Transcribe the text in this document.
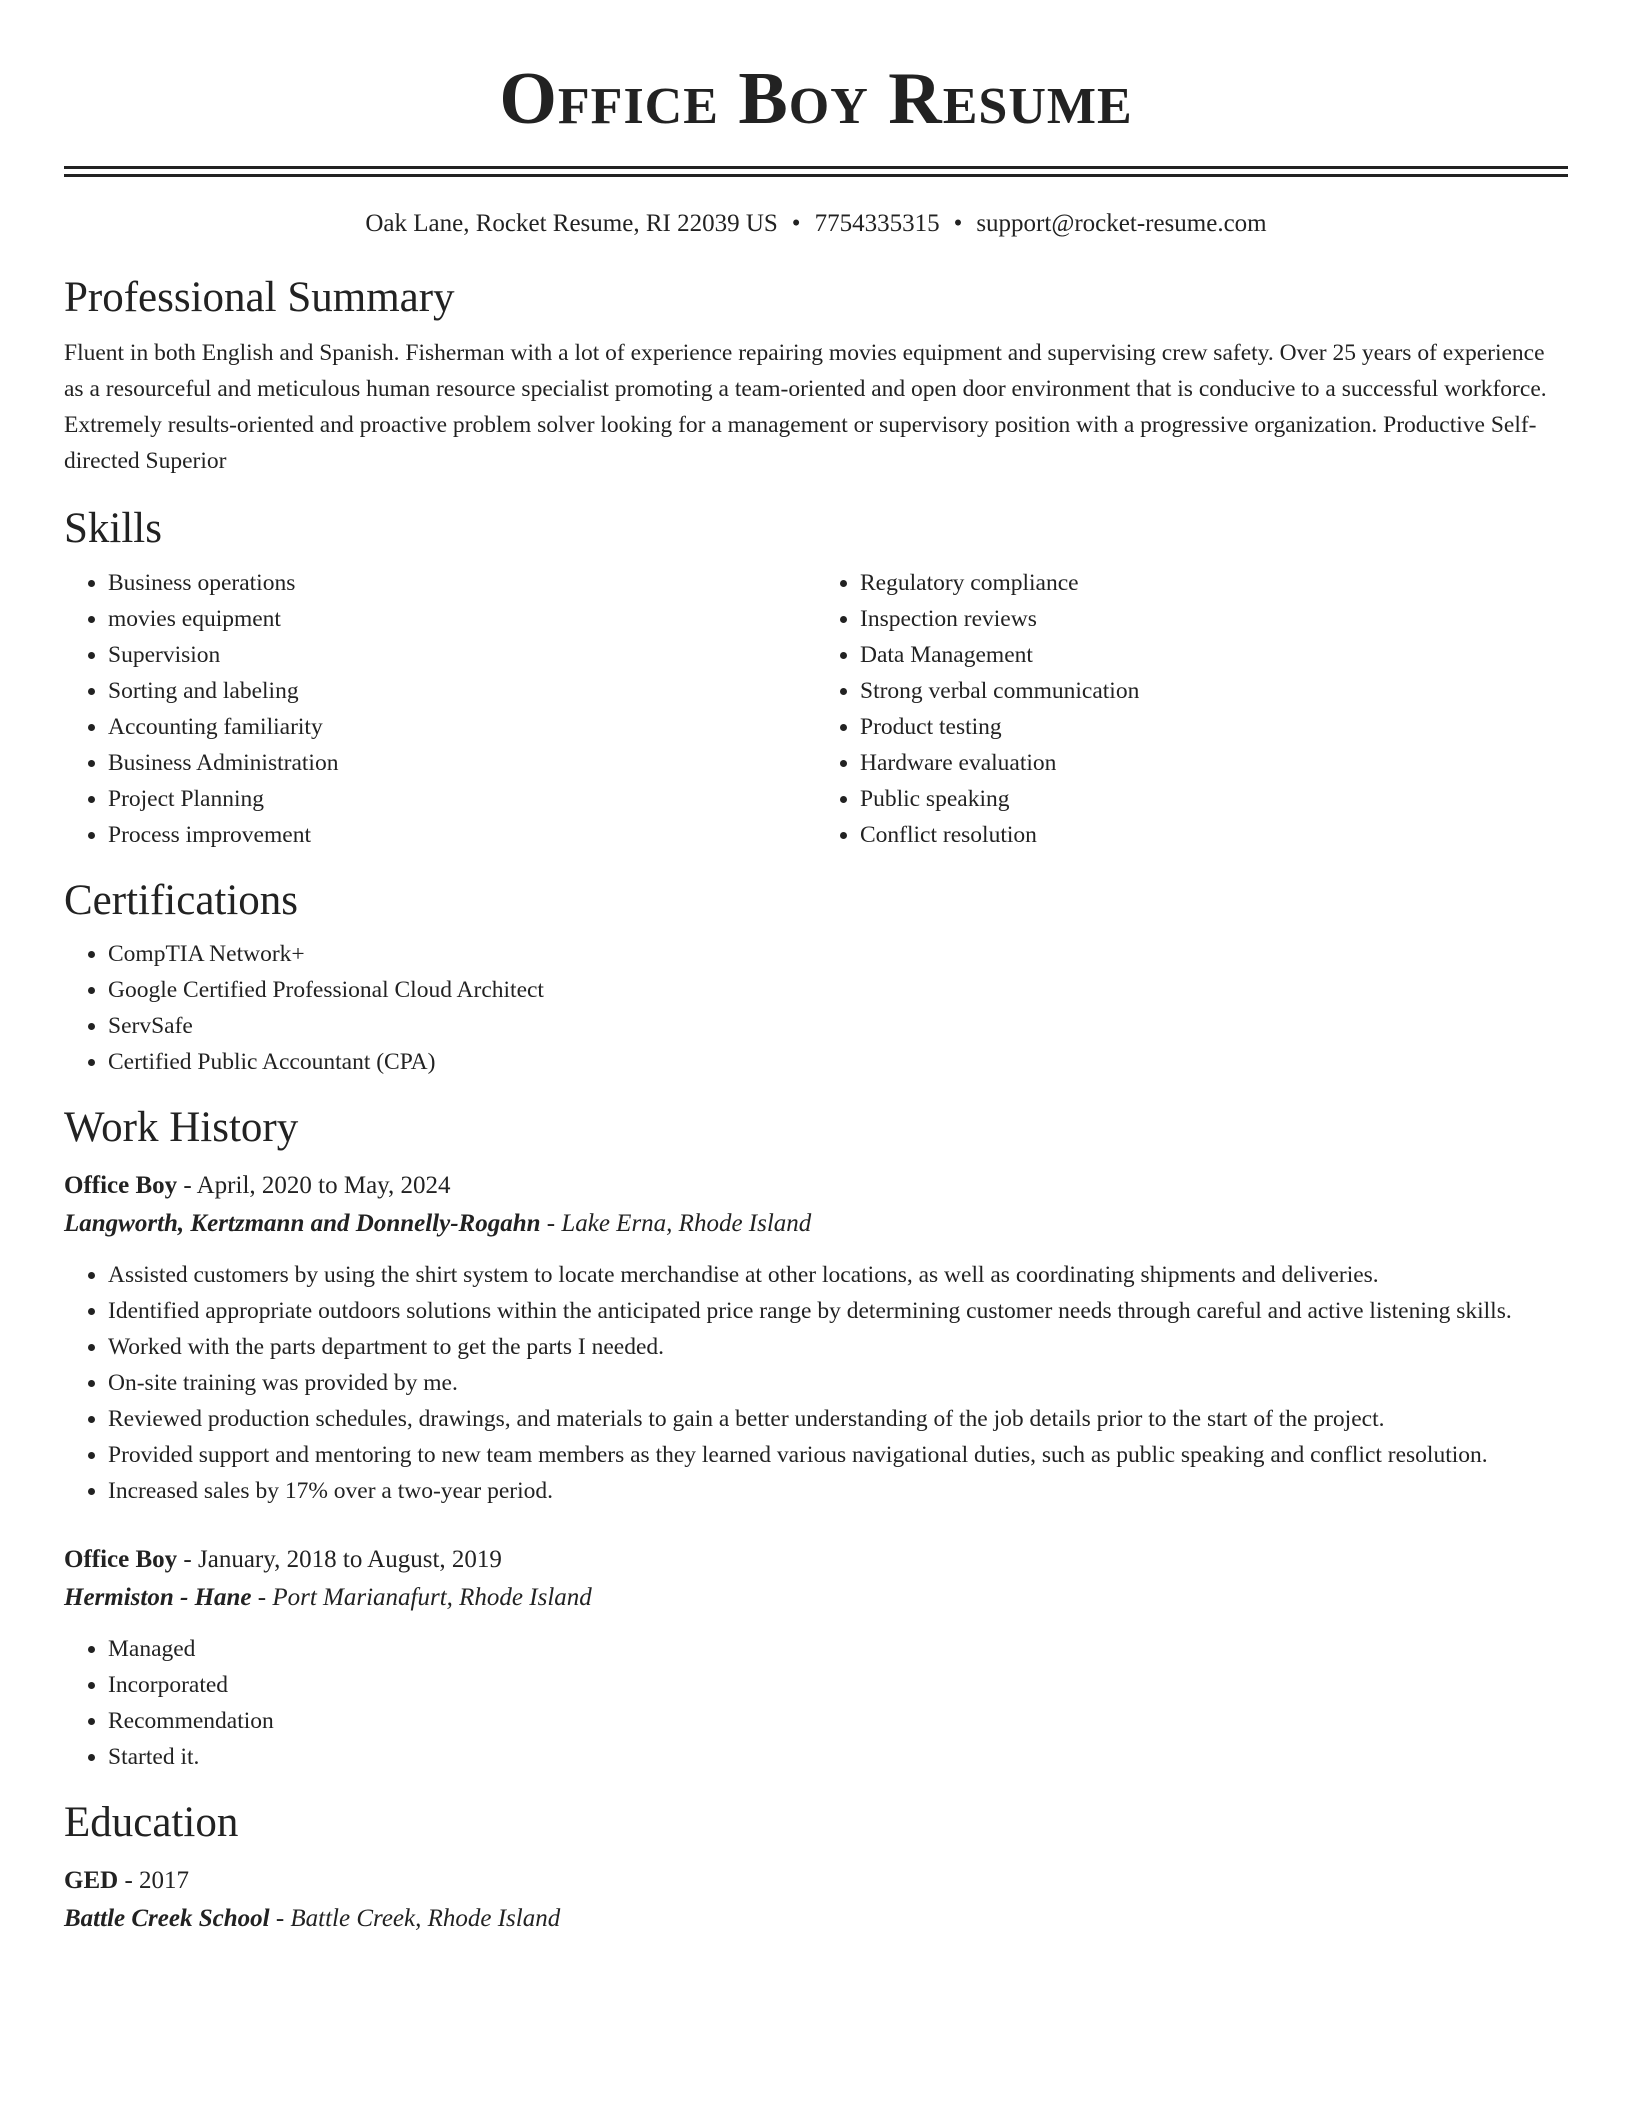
Office Boy Resume
Oak Lane, Rocket Resume, RI 22039 US • 7754335315 • support@rocket-resume.com
Professional Summary

Fluent in both English and Spanish. Fisherman with a lot of experience repairing movies equipment and supervising crew safety. Over 25 years of experience as a resourceful and meticulous human resource specialist promoting a team-oriented and open door environment that is conducive to a successful workforce. Extremely results-oriented and proactive problem solver looking for a management or supervisory position with a progressive organization. Productive Self-directed Superior

Skills
• Business operations
• movies equipment
• Supervision
• Sorting and labeling
• Accounting familiarity
• Business Administration
• Project Planning
• Process improvement
• Regulatory compliance
• Inspection reviews
• Data Management
• Strong verbal communication
• Product testing
• Hardware evaluation
• Public speaking
• Conflict resolution
Certifications
• CompTIA Network+
• Google Certified Professional Cloud Architect
• ServSafe
• Certified Public Accountant (CPA)
Work History
Office Boy - April, 2020 to May, 2024
Langworth, Kertzmann and Donnelly-Rogahn - Lake Erna, Rhode Island
• Assisted customers by using the shirt system to locate merchandise at other locations, as well as coordinating shipments and deliveries.
• Identified appropriate outdoors solutions within the anticipated price range by determining customer needs through careful and active listening skills.
• Worked with the parts department to get the parts I needed.
• On-site training was provided by me.
• Reviewed production schedules, drawings, and materials to gain a better understanding of the job details prior to the start of the project.
• Provided support and mentoring to new team members as they learned various navigational duties, such as public speaking and conflict resolution.
• Increased sales by 17% over a two-year period.
Office Boy - January, 2018 to August, 2019
Hermiston - Hane - Port Marianafurt, Rhode Island
• Managed
• Incorporated
• Recommendation
• Started it.
Education
GED - 2017
Battle Creek School - Battle Creek, Rhode Island
